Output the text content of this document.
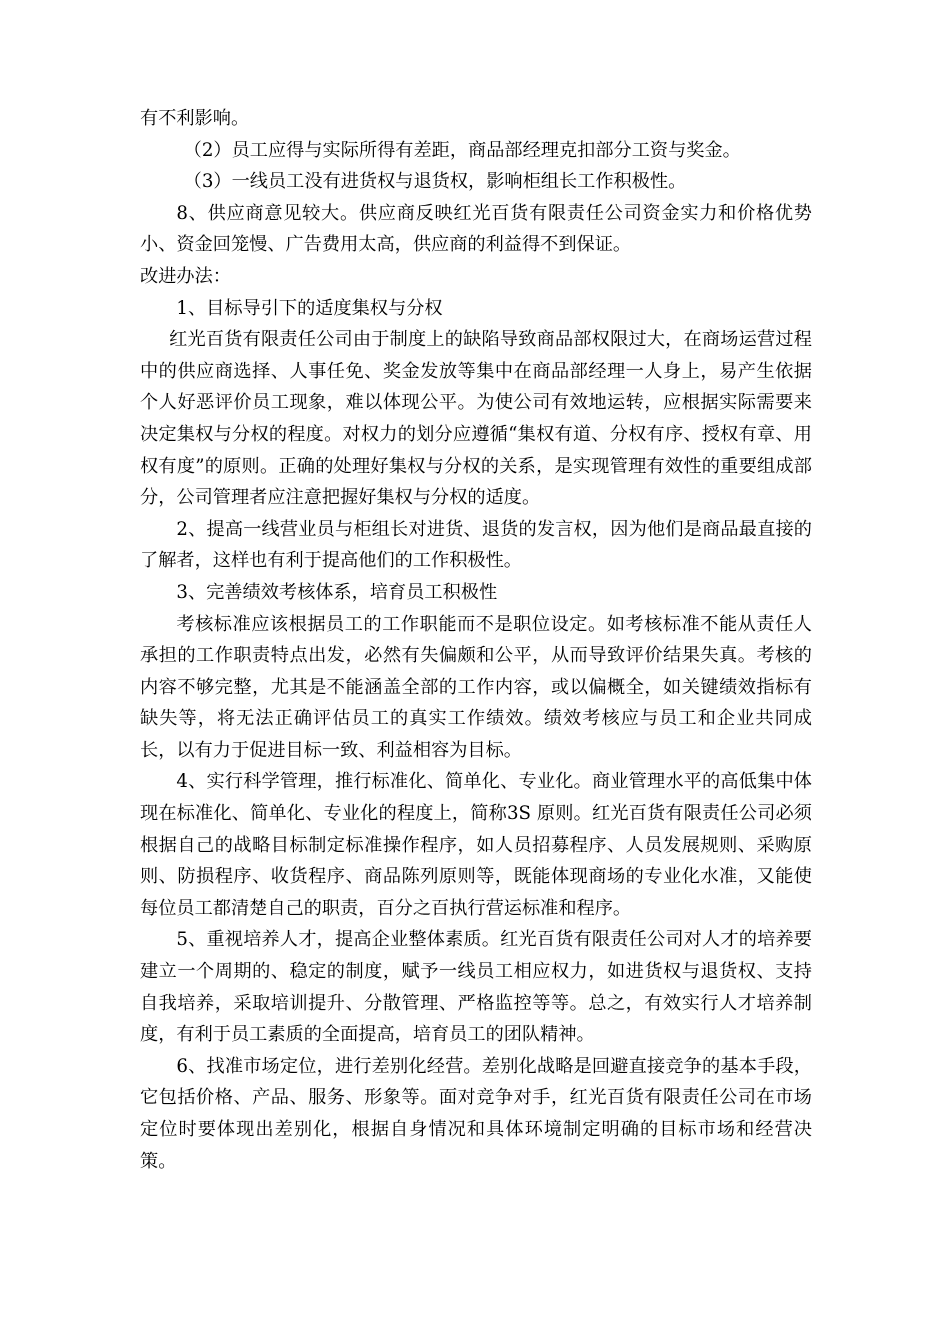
有不利影响。

（2）员工应得与实际所得有差距，商品部经理克扣部分工资与奖金。

（3）一线员工没有进货权与退货权，影响柜组长工作积极性。

8、供应商意见较大。供应商反映红光百货有限责任公司资金实力和价格优势小、资金回笼慢、广告费用太高，供应商的利益得不到保证。

改进办法：

1、目标导引下的适度集权与分权

红光百货有限责任公司由于制度上的缺陷导致商品部权限过大，在商场运营过程中的供应商选择、人事任免、奖金发放等集中在商品部经理一人身上，易产生依据个人好恶评价员工现象，难以体现公平。为使公司有效地运转，应根据实际需要来决定集权与分权的程度。对权力的划分应遵循“集权有道、分权有序、授权有章、用权有度”的原则。正确的处理好集权与分权的关系，是实现管理有效性的重要组成部分，公司管理者应注意把握好集权与分权的适度。

2、提高一线营业员与柜组长对进货、退货的发言权，因为他们是商品最直接的了解者，这样也有利于提高他们的工作积极性。

3、完善绩效考核体系，培育员工积极性

考核标准应该根据员工的工作职能而不是职位设定。如考核标准不能从责任人承担的工作职责特点出发，必然有失偏颇和公平，从而导致评价结果失真。考核的内容不够完整，尤其是不能涵盖全部的工作内容，或以偏概全，如关键绩效指标有缺失等，将无法正确评估员工的真实工作绩效。绩效考核应与员工和企业共同成长，以有力于促进目标一致、利益相容为目标。

4、实行科学管理，推行标准化、简单化、专业化。商业管理水平的高低集中体现在标准化、简单化、专业化的程度上，简称3S 原则。红光百货有限责任公司必须根据自己的战略目标制定标准操作程序，如人员招募程序、人员发展规则、采购原则、防损程序、收货程序、商品陈列原则等，既能体现商场的专业化水准，又能使每位员工都清楚自己的职责，百分之百执行营运标准和程序。

5、重视培养人才，提高企业整体素质。红光百货有限责任公司对人才的培养要建立一个周期的、稳定的制度，赋予一线员工相应权力，如进货权与退货权、支持自我培养，采取培训提升、分散管理、严格监控等等。总之，有效实行人才培养制度，有利于员工素质的全面提高，培育员工的团队精神。

6、找准市场定位，进行差别化经营。差别化战略是回避直接竞争的基本手段，它包括价格、产品、服务、形象等。面对竞争对手，红光百货有限责任公司在市场定位时要体现出差别化，根据自身情况和具体环境制定明确的目标市场和经营决策。
